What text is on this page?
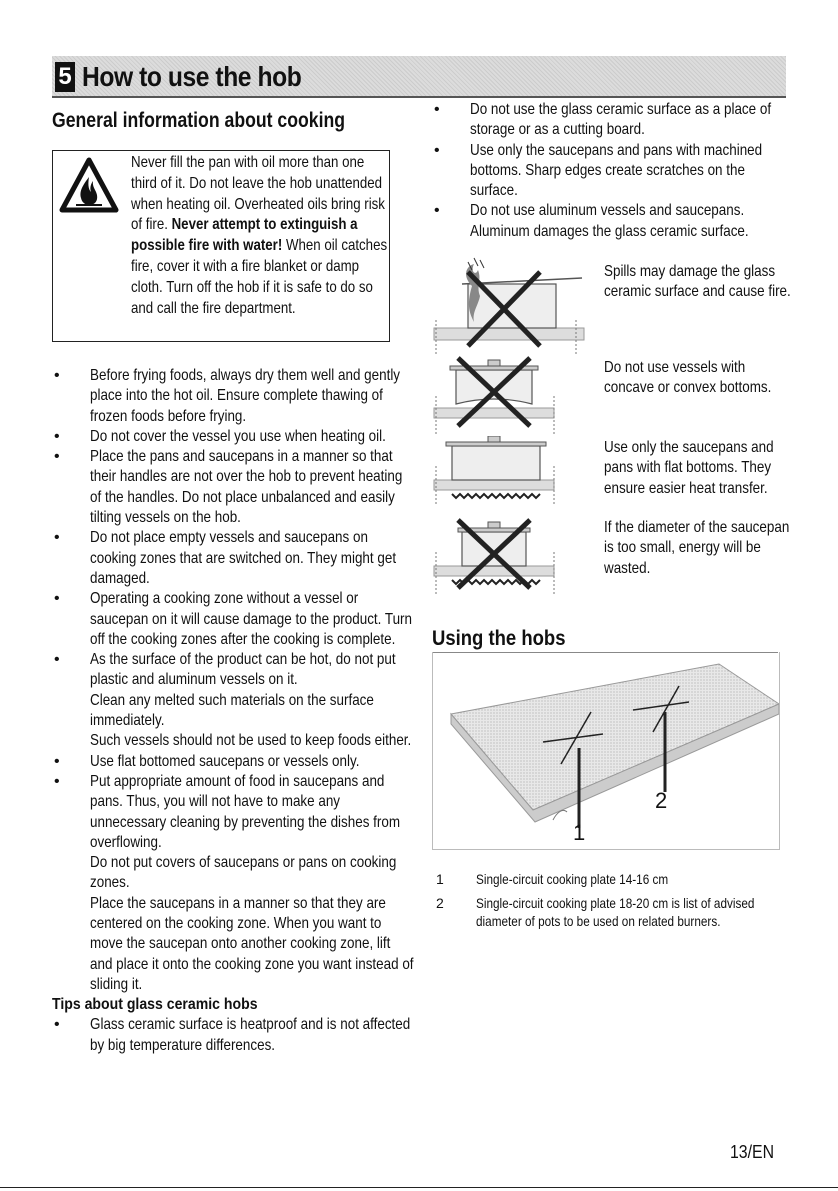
5 How to use the hob
General information about cooking
Never fill the pan with oil more than one third of it. Do not leave the hob unattended when heating oil. Overheated oils bring risk of fire. Never attempt to extinguish a possible fire with water! When oil catches fire, cover it with a fire blanket or damp cloth. Turn off the hob if it is safe to do so and call the fire department.
• Before frying foods, always dry them well and gently place into the hot oil. Ensure complete thawing of frozen foods before frying.
• Do not cover the vessel you use when heating oil.
• Place the pans and saucepans in a manner so that their handles are not over the hob to prevent heating of the handles. Do not place unbalanced and easily tilting vessels on the hob.
• Do not place empty vessels and saucepans on cooking zones that are switched on. They might get damaged.
• Operating a cooking zone without a vessel or saucepan on it will cause damage to the product. Turn off the cooking zones after the cooking is complete.
• As the surface of the product can be hot, do not put plastic and aluminum vessels on it.

Clean any melted such materials on the surface immediately.

Such vessels should not be used to keep foods either.

• Use flat bottomed saucepans or vessels only.
• Put appropriate amount of food in saucepans and pans. Thus, you will not have to make any unnecessary cleaning by preventing the dishes from overflowing.

Do not put covers of saucepans or pans on cooking zones.

Place the saucepans in a manner so that they are centered on the cooking zone. When you want to move the saucepan onto another cooking zone, lift and place it onto the cooking zone you want instead of sliding it.

Tips about glass ceramic hobs
• Glass ceramic surface is heatproof and is not affected by big temperature differences.
• Do not use the glass ceramic surface as a place of storage or as a cutting board.
• Use only the saucepans and pans with machined bottoms. Sharp edges create scratches on the surface.
• Do not use aluminum vessels and saucepans. Aluminum damages the glass ceramic surface.
Spills may damage the glass ceramic surface and cause fire.
Do not use vessels with concave or convex bottoms.
Use only the saucepans and pans with flat bottoms. They ensure easier heat transfer.
If the diameter of the saucepan is too small, energy will be wasted.
Using the hobs
1
2
1 Single-circuit cooking plate 14-16 cm
2 Single-circuit cooking plate 18-20 cm is list of advised diameter of pots to be used on related burners.
13/EN
